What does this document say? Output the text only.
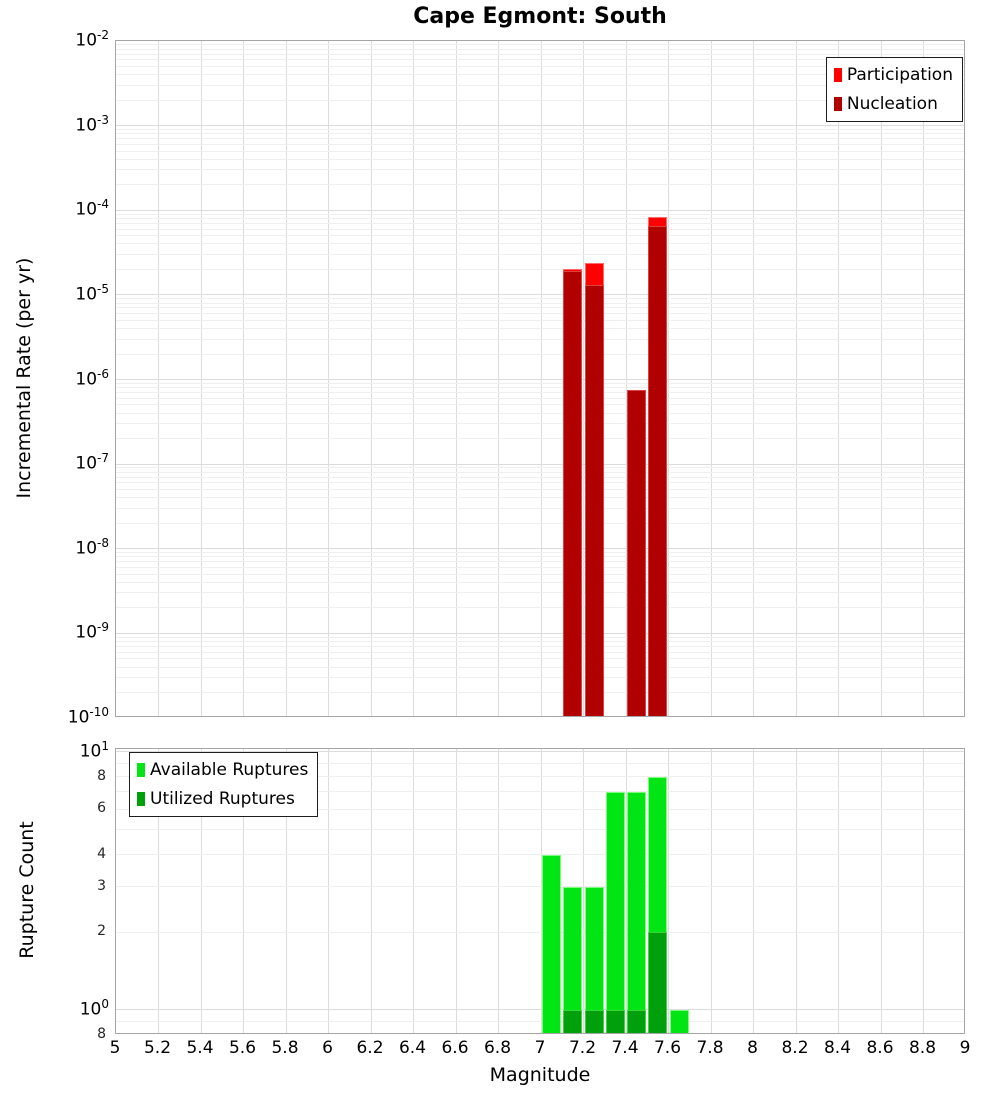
Cape Egmont: South
Incremental Rate (per yr)
Rupture Count
Magnitude
Participation
Nucleation
Available Ruptures
Utilized Ruptures
$10^{-2}$
$10^{-3}$
$10^{-4}$
$10^{-5}$
$10^{-6}$
$10^{-7}$
$10^{-8}$
$10^{-9}$
$10^{-10}$
$10^1$
8
6
4
3
2
$10^0$
8
5	5.2 5.4 5.6 5.8	6	6.2 6.4 6.6 6.8	7	7.2 7.4 7.6 7.8	8	8.2 8.4 8.6 8.8	9
